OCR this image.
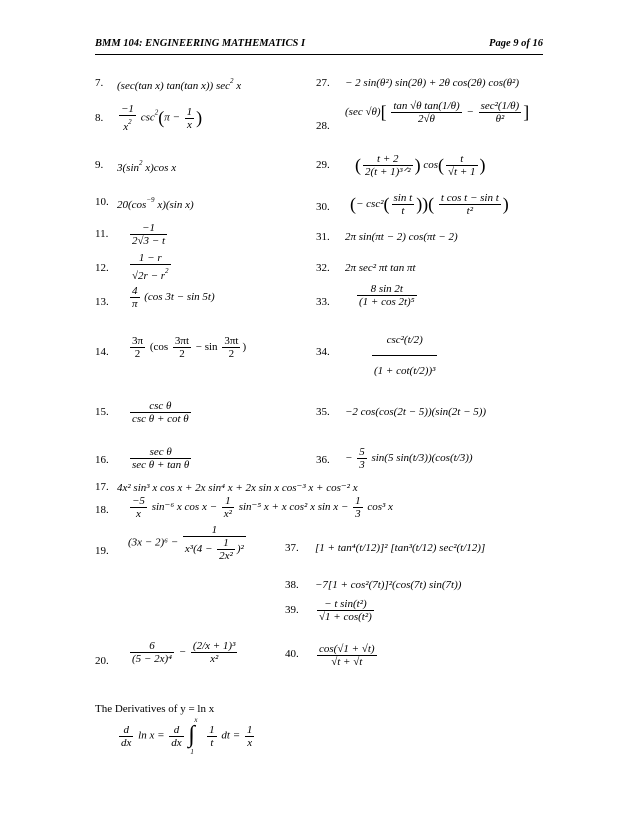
BMM 104: ENGINEERING MATHEMATICS I	Page 9 of 16
7.
8.
9.
10.
11.
12.
13.
14.
15.
16.
17.
18.
19.
20.
27.
28.
29.
30.
31.
32.
33.
34.
35.
36.
37.
38.
39.
40.
(sec(tan x) tan(tan x)) $\sec^2 x$
$\frac{-1}{x^2} \csc^2(\pi - \frac{1}{x}$ )
$3(\sin^2$ x)cos x
$20(\cos^{-9}$ x)(sin x)
$\frac{-1}{2√3 - t}$
$\frac{1 - r}{√2r - r^2}$
$\frac{4}{\pi} (\cos$ 3t − sin 5t)
$\frac{3\pi}{2} (\cos \frac{3\pi t}{2} - \sin \frac{3\pi t}{2}$ )
$\frac{\text{csc θ}}{\text{csc θ + cot θ}}$
$\frac{\text{sec θ}}{\text{sec θ + tan θ}}$
4x² sin³ x cos x + 2x sin⁴ x + 2x sin x cos⁻³ x + cos⁻² x
$\frac{-5}{x} \sin^{-6}$ x $\cos x - \frac{1}{\text{x²}} \sin^{-5}$ x + x cos² x $\sin x - \frac{1}{3} \cos^3$ x
$(3x - 2)^6 - \frac{1}{x^3(4 - \frac{1}{\text{2x²}} )^2}$
$\frac{6}{\text{(5 − 2x)⁴}} - \frac{\text{(2/x + 1)³}}{\text{x²}}$
− 2 sin(θ²) sin(2θ) + 2θ cos(2θ) cos(θ²)
(sec $√\theta)[ \frac{\text{tan √θ tan(1/θ)}}{2√\theta} - \frac{\text{sec²(1/θ)}}{\text{θ²}}$ ]
( $\frac{t + 2}{\text{2(t + 1)³ᐟ²}}$ ) $\cos( \frac{t}{√t + 1}$ )
(− $\csc^2( \frac{\text{sin t}}{t}$ ))( $\frac{\text{t cos t − sin t}}{\text{t²}}$ )
2π sin(πt − 2) cos(πt − 2)
2π sec² πt tan πt
$\frac{8 \sin 2t}{\text{(1 + cos 2t)⁵}}$
$\frac{\text{csc²(t/2)}}{\text{(1 + cot(t/2))³}}$
−2 cos(cos(2t − 5))(sin(2t − 5))
− $\frac{5}{3} \sin(5$ sin(t/3))(cos(t/3))
[1 + tan⁴(t/12)]² [tan³(t/12) sec²(t/12)]
−7[1 + cos²(7t)]²(cos(7t) sin(7t))
$\frac{\text{− t sin(t²)}}{\text{√1 + cos(t²)}}$
$\frac{\cos(√1 + √t)}{√t + √t}$
The Derivatives of y = ln x
$\frac{d}{dx}$ $\ln x = \frac{d}{dx}$

x
∫
1

$\frac{1}{t}$ dt = $\frac{1}{x}$
